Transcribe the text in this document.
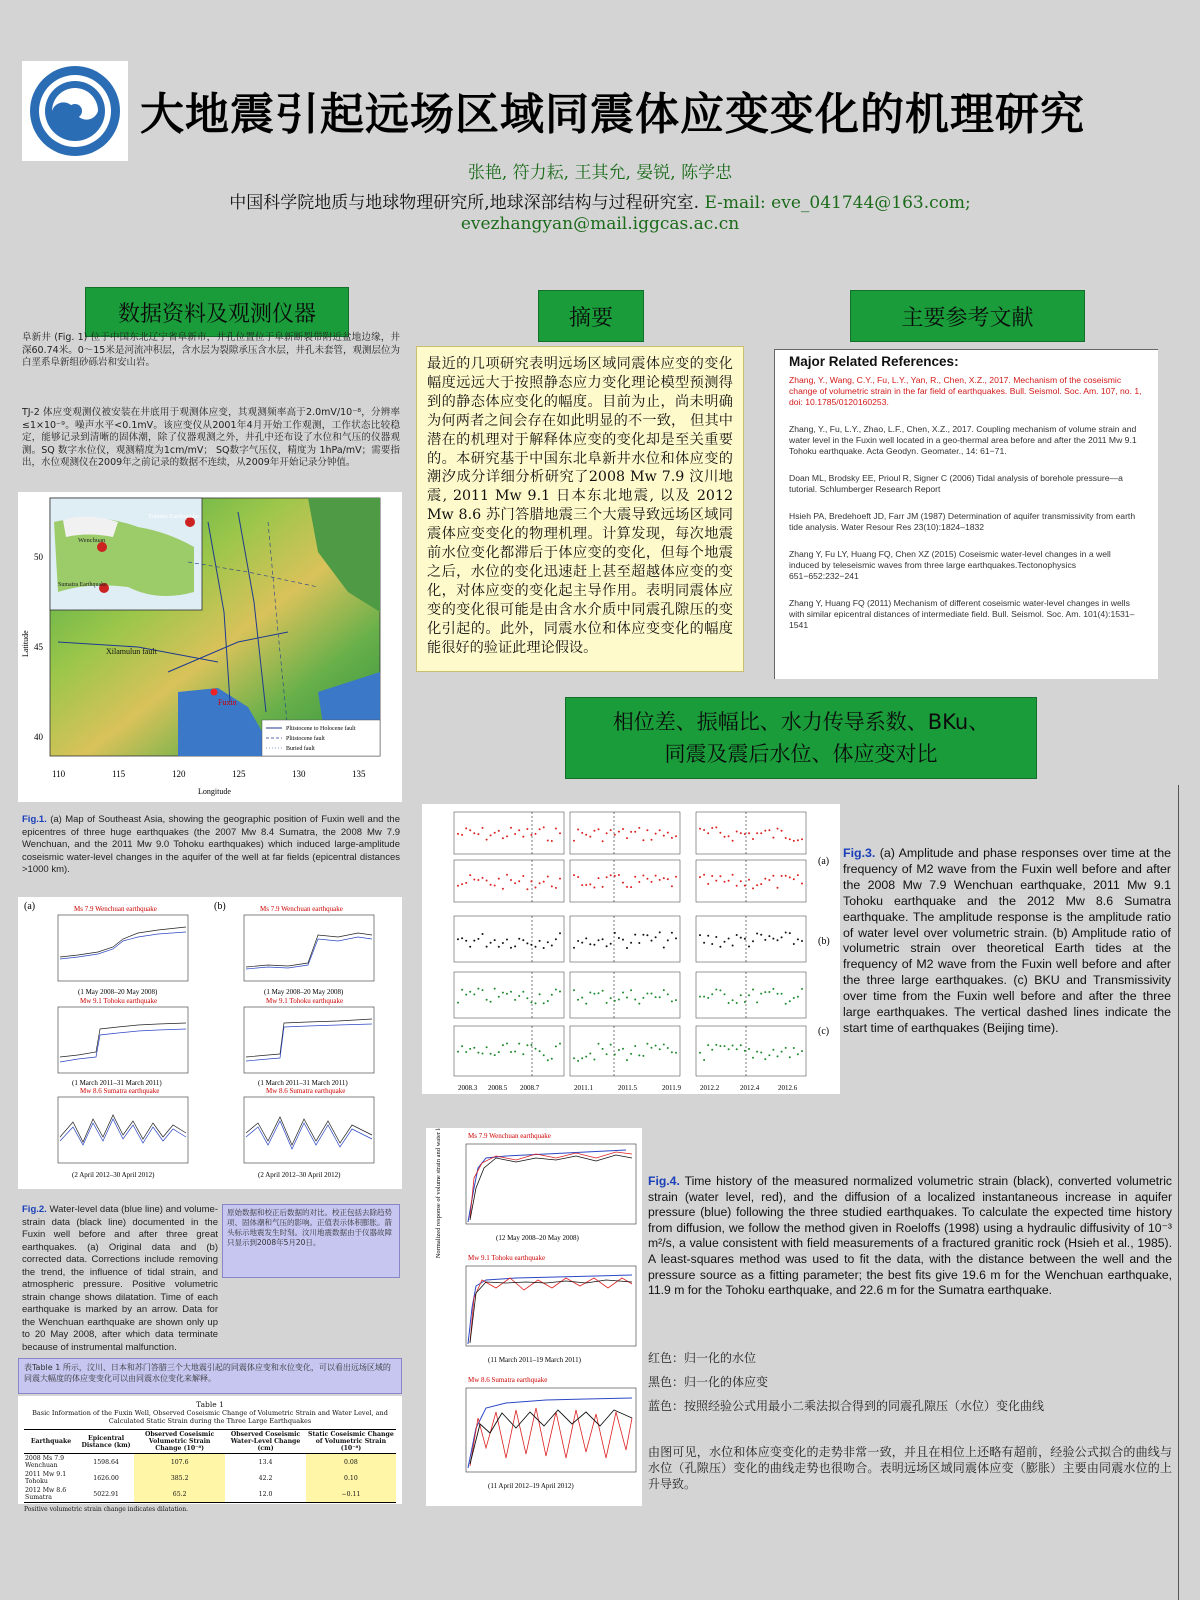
大地震引起远场区域同震体应变变化的机理研究
张艳, 符力耘, 王其允, 晏锐, 陈学忠
中国科学院地质与地球物理研究所,地球深部结构与过程研究室. E-mail: eve_041744@163.com;
evezhangyan@mail.iggcas.ac.cn
数据资料及观测仪器	摘要	主要参考文献
相位差、振幅比、水力传导系数、BKu、
同震及震后水位、体应变对比
阜新井 (Fig. 1) 位于中国东北辽宁省阜新市，井孔位置位于阜新断裂带附近盆地边缘，井深60.74米。0～15米是河流冲积层，含水层为裂隙承压含水层，井孔未套管，观测层位为白垩系阜新组砂砾岩和安山岩。
TJ-2 体应变观测仪被安装在井底用于观测体应变，其观测频率高于2.0mV/10⁻⁸，分辨率≤1×10⁻⁹。噪声水平<0.1mV。该应变仪从2001年4月开始工作观测，工作状态比较稳定，能够记录到清晰的固体潮，除了仪器观测之外，井孔中还布设了水位和气压的仪器观测。SQ 数字水位仪，观测精度为1cm/mV； SQ数字气压仪，精度为 1hPa/mV；需要指出，水位观测仪在2009年之前记录的数据不连续，从2009年开始记录分钟值。
最近的几项研究表明远场区域同震体应变的变化幅度远远大于按照静态应力变化理论模型预测得到的静态体应变化的幅度。目前为止，尚未明确为何两者之间会存在如此明显的不一致， 但其中潜在的机理对于解释体应变的变化却是至关重要的。本研究基于中国东北阜新井水位和体应变的潮汐成分详细分析研究了2008 Mw 7.9 汶川地震, 2011 Mw 9.1 日本东北地震, 以及 2012 Mw 8.6 苏门答腊地震三个大震导致远场区域同震体应变变化的物理机理。计算发现，每次地震前水位变化都滞后于体应变的变化，但每个地震之后，水位的变化迅速赶上甚至超越体应变的变化，对体应变的变化起主导作用。表明同震体应变的变化很可能是由含水介质中同震孔隙压的变化引起的。此外，同震水位和体应变变化的幅度能很好的验证此理论假设。
Major Related References:
Zhang, Y., Wang, C.Y., Fu, L.Y., Yan, R., Chen, X.Z., 2017. Mechanism of the coseismic change of volumetric strain in the far field of earthquakes. Bull. Seismol. Soc. Am. 107, no. 1, doi: 10.1785/0120160253.
Zhang, Y., Fu, L.Y., Zhao, L.F., Chen, X.Z., 2017. Coupling mechanism of volume strain and water level in the Fuxin well located in a geo-thermal area before and after the 2011 Mw 9.1 Tohoku earthquake. Acta Geodyn. Geomater., 14: 61−71.
Doan ML, Brodsky EE, Prioul R, Signer C (2006) Tidal analysis of borehole pressure—a tutorial. Schlumberger Research Report
Hsieh PA, Bredehoeft JD, Farr JM (1987) Determination of aquifer transmissivity from earth tide analysis. Water Resour Res 23(10):1824–1832
Zhang Y, Fu LY, Huang FQ, Chen XZ (2015) Coseismic water-level changes in a well induced by teleseismic waves from three large earthquakes.Tectonophysics 651−652:232−241
Zhang Y, Huang FQ (2011) Mechanism of different coseismic water-level changes in wells with similar epicentral distances of intermediate field. Bull. Seismol. Soc. Am. 101(4):1531–1541
Tohoku Earthquake
Wenchuan
Sumatra Earthquake
Xilamulun fault
Fuxin
Pliistocene to Holocene fault
Pliistocene fault
Buried fault
110	115	120	125	130	135
50
45
40
Longitude
Latitude
Fig.1. (a) Map of Southeast Asia, showing the geographic position of Fuxin well and the epicentres of three huge earthquakes (the 2007 Mw 8.4 Sumatra, the 2008 Mw 7.9 Wenchuan, and the 2011 Mw 9.0 Tohoku earthquakes) which induced large-amplitude coseismic water-level changes in the aquifer of the well at far fields (epicentral distances >1000 km).
(a)	(b)
Ms 7.9 Wenchuan earthquake	Ms 7.9 Wenchuan earthquake
(1 May 2008–20 May 2008)	(1 May 2008–20 May 2008)
Mw 9.1 Tohoku earthquake	Mw 9.1 Tohoku earthquake
(1 March 2011–31 March 2011)	(1 March 2011–31 March 2011)
Mw 8.6 Sumatra earthquake	Mw 8.6 Sumatra earthquake
(2 April 2012–30 April 2012)	(2 April 2012–30 April 2012)
Fig.2. Water-level data (blue line) and volume-strain data (black line) documented in the Fuxin well before and after three great earthquakes. (a) Original data and (b) corrected data. Corrections include removing the trend, the influence of tidal strain, and atmospheric pressure. Positive volumetric strain change shows dilatation. Time of each earthquake is marked by an arrow. Data for the Wenchuan earthquake are shown only up to 20 May 2008, after which data terminate because of instrumental malfunction.
原始数据和校正后数据的对比。校正包括去除趋势项、固体潮和气压的影响。正值表示体积膨胀。箭头标示地震发生时刻。汶川地震数据由于仪器故障只显示到2008年5月20日。
表Table 1 所示，汶川、日本和苏门答腊三个大地震引起的同震体应变和水位变化，可以看出远场区域的同震大幅度的体应变变化可以由同震水位变化来解释。
Table 1
Basic Information of the Fuxin Well, Observed Coseismic Change of Volumetric Strain and Water Level, and Calculated Static Strain during the Three Large Earthquakes
Earthquake	Epicentral Distance (km)	Observed Coseismic Volumetric Strain Change (10⁻⁸)	Observed Coseismic Water-Level Change (cm)	Static Coseismic Change of Volumetric Strain (10⁻⁸)
2008 Ms 7.9 Wenchuan	1598.64	107.6	13.4	0.08
2011 Mw 9.1 Tohoku	1626.00	385.2	42.2	0.10
2012 Mw 8.6 Sumatra	5022.91	65.2	12.0	−0.11
Positive volumetric strain change indicates dilatation.
(a)
(b)
(c)
2008.3 2008.5 2008.7	2011.1	2011.5	2011.9	2012.2	2012.4	2012.6
Fig.3. (a) Amplitude and phase responses over time at the frequency of M2 wave from the Fuxin well before and after the 2008 Mw 7.9 Wenchuan earthquake, 2011 Mw 9.1 Tohoku earthquake and the 2012 Mw 8.6 Sumatra earthquake. The amplitude response is the amplitude ratio of water level over volumetric strain. (b) Amplitude ratio of volumetric strain over theoretical Earth tides at the frequency of M2 wave from the Fuxin well before and after the three large earthquakes. (c) BKU and Transmissivity over time from the Fuxin well before and after the three large earthquakes. The vertical dashed lines indicate the start time of earthquakes (Beijing time).
Ms 7.9 Wenchuan earthquake
(12 May 2008–20 May 2008)
Mw 9.1 Tohoku earthquake
(11 March 2011–19 March 2011)
Mw 8.6 Sumatra earthquake
(11 April 2012–19 April 2012)
Normalized response of volume strain and water level	Fig.4. Time history of the measured normalized volumetric strain (black), converted volumetric strain (water level, red), and the diffusion of a localized instantaneous increase in aquifer pressure (blue) following the three studied earthquakes. To calculate the expected time history from diffusion, we follow the method given in Roeloffs (1998) using a hydraulic diffusivity of 10⁻³ m²/s, a value consistent with field measurements of a fractured granitic rock (Hsieh et al., 1985). A least-squares method was used to fit the data, with the distance between the well and the pressure source as a fitting parameter; the best fits give 19.6 m for the Wenchuan earthquake, 11.9 m for the Tohoku earthquake, and 22.6 m for the Sumatra earthquake.
红色：归一化的水位
黑色：归一化的体应变
蓝色：按照经验公式用最小二乘法拟合得到的同震孔隙压（水位）变化曲线
由图可见，水位和体应变变化的走势非常一致，并且在相位上还略有超前，经验公式拟合的曲线与水位（孔隙压）变化的曲线走势也很吻合。表明远场区域同震体应变（膨胀）主要由同震水位的上升导致。
